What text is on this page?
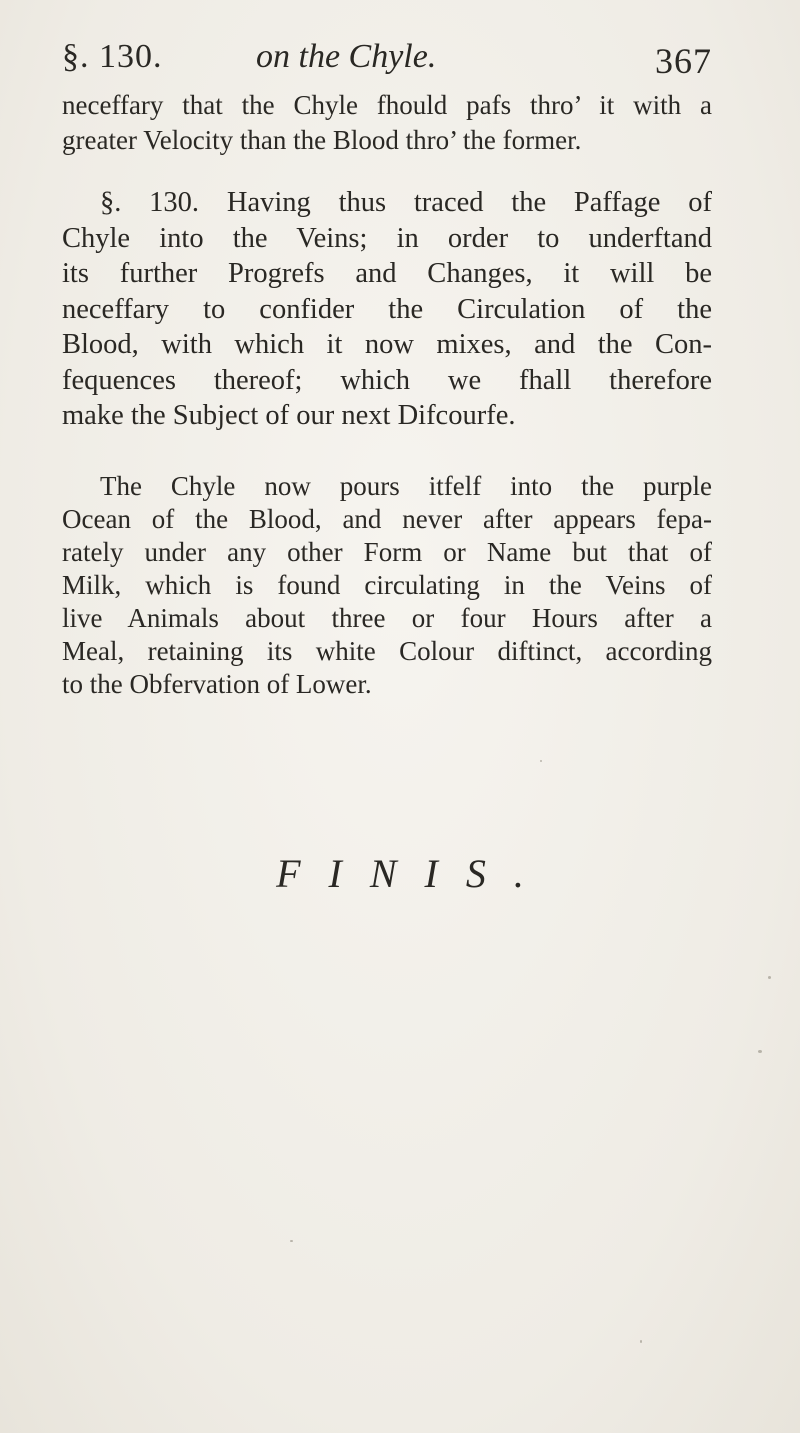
§. 130.	on the Chyle.	367
neceffary that the Chyle fhould pafs thro’ it with a
greater Velocity than the Blood thro’ the former.
§. 130. Having thus traced the Paffage of
Chyle into the Veins; in order to underftand
its further Progrefs and Changes, it will be
neceffary to confider the Circulation of the
Blood, with which it now mixes, and the Con-
fequences thereof; which we fhall therefore
make the Subject of our next Difcourfe.
The Chyle now pours itfelf into the purple
Ocean of the Blood, and never after appears fepa-
rately under any other Form or Name but that of
Milk, which is found circulating in the Veins of
live Animals about three or four Hours after a
Meal, retaining its white Colour diftinct, according
to the Obfervation of Lower.
FINIS.
